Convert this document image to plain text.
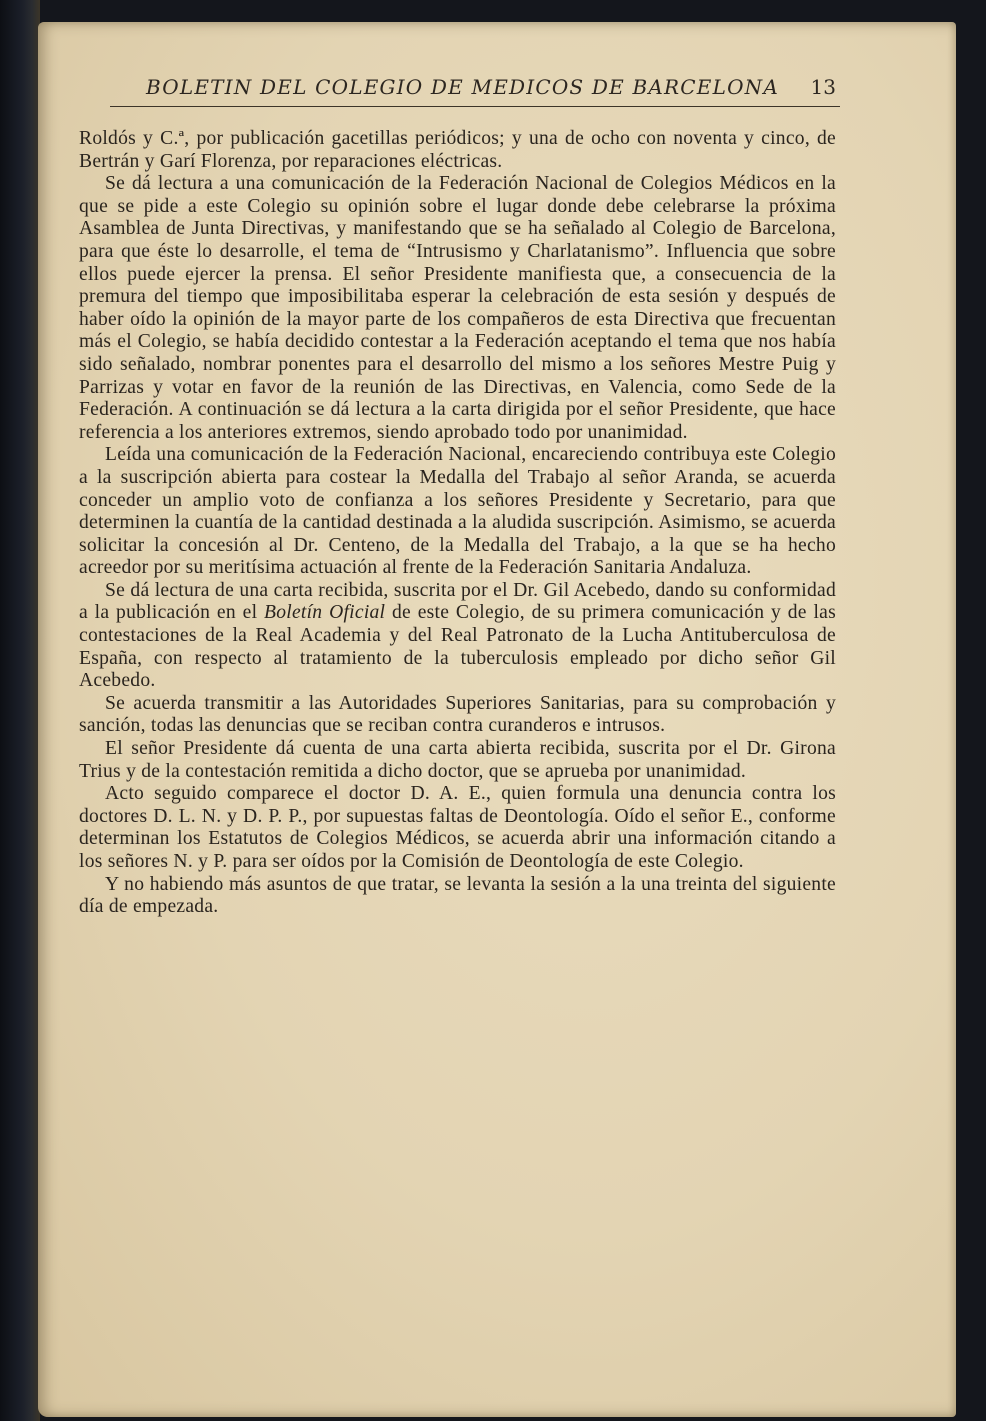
BOLETIN DEL COLEGIO DE MEDICOS DE BARCELONA 13

Roldós y C.ª, por publicación gacetillas periódicos; y una de ocho con noventa y cinco, de Bertrán y Garí Florenza, por reparaciones eléctricas.

Se dá lectura a una comunicación de la Federación Nacional de Colegios Médicos en la que se pide a este Colegio su opinión sobre el lugar donde debe celebrarse la próxima Asamblea de Junta Directivas, y manifestando que se ha señalado al Colegio de Barcelona, para que éste lo desarrolle, el tema de “Intrusismo y Charlatanismo”. Influencia que sobre ellos puede ejercer la prensa. El señor Presidente manifiesta que, a consecuencia de la premura del tiempo que imposibilitaba esperar la celebración de esta sesión y después de haber oído la opinión de la mayor parte de los compañeros de esta Directiva que frecuentan más el Colegio, se había decidido contestar a la Federación aceptando el tema que nos había sido señalado, nombrar ponentes para el desarrollo del mismo a los señores Mestre Puig y Parrizas y votar en favor de la reunión de las Directivas, en Valencia, como Sede de la Federación. A continuación se dá lectura a la carta dirigida por el señor Presidente, que hace referencia a los anteriores extremos, siendo aprobado todo por unanimidad.

Leída una comunicación de la Federación Nacional, encareciendo contribuya este Colegio a la suscripción abierta para costear la Medalla del Trabajo al señor Aranda, se acuerda conceder un amplio voto de confianza a los señores Presidente y Secretario, para que determinen la cuantía de la cantidad destinada a la aludida suscripción. Asimismo, se acuerda solicitar la concesión al Dr. Centeno, de la Medalla del Trabajo, a la que se ha hecho acreedor por su meritísima actuación al frente de la Federación Sanitaria Andaluza.

Se dá lectura de una carta recibida, suscrita por el Dr. Gil Acebedo, dando su conformidad a la publicación en el Boletín Oficial de este Colegio, de su primera comunicación y de las contestaciones de la Real Academia y del Real Patronato de la Lucha Antituberculosa de España, con respecto al tratamiento de la tuberculosis empleado por dicho señor Gil Acebedo.

Se acuerda transmitir a las Autoridades Superiores Sanitarias, para su comprobación y sanción, todas las denuncias que se reciban contra curanderos e intrusos.

El señor Presidente dá cuenta de una carta abierta recibida, suscrita por el Dr. Girona Trius y de la contestación remitida a dicho doctor, que se aprueba por unanimidad.

Acto seguido comparece el doctor D. A. E., quien formula una denuncia contra los doctores D. L. N. y D. P. P., por supuestas faltas de Deontología. Oído el señor E., conforme determinan los Estatutos de Colegios Médicos, se acuerda abrir una información citando a los señores N. y P. para ser oídos por la Comisión de Deontología de este Colegio.

Y no habiendo más asuntos de que tratar, se levanta la sesión a la una treinta del siguiente día de empezada.
